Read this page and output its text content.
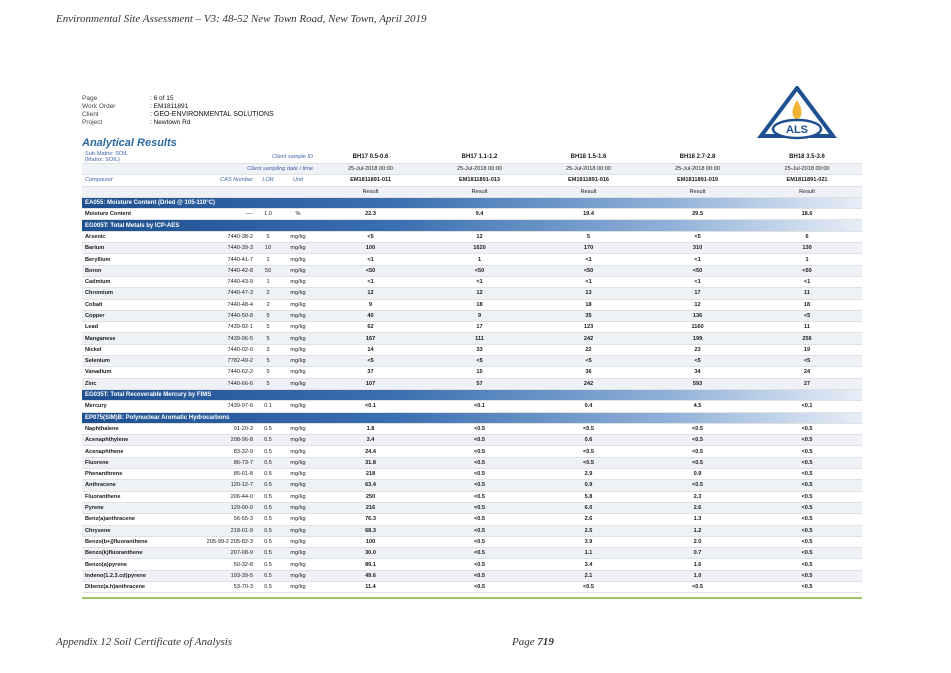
Environmental Site Assessment – V3: 48-52 New Town Road, New Town, April 2019
Page	: 6 of 15
Work Order	: EM1811891
Client	: GEO-ENVIRONMENTAL SOLUTIONS
Project	: Newtown Rd
ALS
Analytical Results
Sub-Matrix: SOIL
(Matrix: SOIL)		Client sample ID		BH17 0.5-0.6	BH17 1.1-1.2	BH18 1.5-1.6	BH18 2.7-2.8	BH18 3.5-3.6
Client sampling date / time				25-Jul-2018 00:00	25-Jul-2018 00:00	25-Jul-2018 00:00	25-Jul-2018 00:00	25-Jul-2018 00:00
Compound	CAS Number	LOR	Unit	EM1811891-011	EM1811891-013	EM1811891-016	EM1811891-019	EM1811891-021
				Result	Result	Result	Result	Result
EA055: Moisture Content (Dried @ 105-110°C)								
Moisture Content	----	1.0	%	22.3	9.4	19.4	29.5	18.6
EG005T: Total Metals by ICP-AES								
Arsenic	7440-38-2	5	mg/kg	<5	12	5	<5	6
Barium	7440-39-3	10	mg/kg	100	1620	170	310	130
Beryllium	7440-41-7	1	mg/kg	<1	1	<1	<1	1
Boron	7440-42-8	50	mg/kg	<50	<50	<50	<50	<50
Cadmium	7440-43-9	1	mg/kg	<1	<1	<1	<1	<1
Chromium	7440-47-3	2	mg/kg	12	12	13	17	11
Cobalt	7440-48-4	2	mg/kg	9	18	18	12	18
Copper	7440-50-8	5	mg/kg	40	9	35	136	<5
Lead	7439-92-1	5	mg/kg	62	17	123	1160	11
Manganese	7439-96-5	5	mg/kg	167	111	242	199	256
Nickel	7440-02-0	2	mg/kg	14	33	22	23	19
Selenium	7782-49-2	5	mg/kg	<5	<5	<5	<5	<5
Vanadium	7440-62-2	5	mg/kg	37	15	36	34	24
Zinc	7440-66-6	5	mg/kg	107	57	242	593	27
EG035T: Total Recoverable Mercury by FIMS								
Mercury	7439-97-6	0.1	mg/kg	<0.1	<0.1	0.4	4.5	<0.1
EP075(SIM)B: Polynuclear Aromatic Hydrocarbons								
Naphthalene	91-20-3	0.5	mg/kg	1.8	<0.5	<0.5	<0.5	<0.5
Acenaphthylene	208-96-8	0.5	mg/kg	3.4	<0.5	0.6	<0.5	<0.5
Acenaphthene	83-32-9	0.5	mg/kg	24.4	<0.5	<0.5	<0.5	<0.5
Fluorene	86-73-7	0.5	mg/kg	31.8	<0.5	<0.5	<0.5	<0.5
Phenanthrene	85-01-8	0.5	mg/kg	218	<0.5	2.9	0.9	<0.5
Anthracene	120-12-7	0.5	mg/kg	63.4	<0.5	0.9	<0.5	<0.5
Fluoranthene	206-44-0	0.5	mg/kg	250	<0.5	5.8	2.3	<0.5
Pyrene	129-00-0	0.5	mg/kg	216	<0.5	6.0	2.6	<0.5
Benz(a)anthracene	56-55-3	0.5	mg/kg	76.3	<0.5	2.6	1.3	<0.5
Chrysene	218-01-9	0.5	mg/kg	68.3	<0.5	2.5	1.2	<0.5
Benzo(b+j)fluoranthene	205-99-2 205-82-3	0.5	mg/kg	100	<0.5	3.9	2.0	<0.5
Benzo(k)fluoranthene	207-08-9	0.5	mg/kg	30.0	<0.5	1.1	0.7	<0.5
Benzo(a)pyrene	50-32-8	0.5	mg/kg	89.1	<0.5	3.4	1.6	<0.5
Indeno(1.2.3.cd)pyrene	193-39-5	0.5	mg/kg	49.6	<0.5	2.1	1.0	<0.5
Dibenz(a.h)anthracene	53-70-3	0.5	mg/kg	11.4	<0.5	<0.5	<0.5	<0.5
Appendix 12 Soil Certificate of Analysis	Page 719
